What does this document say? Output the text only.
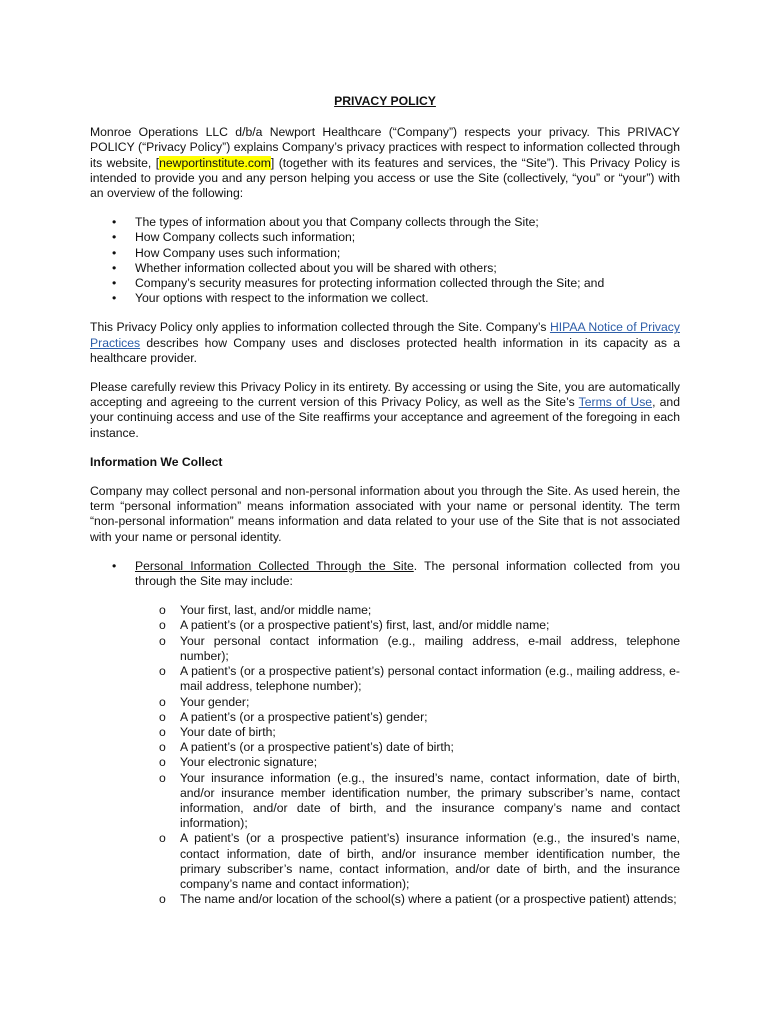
PRIVACY POLICY

Monroe Operations LLC d/b/a Newport Healthcare (“Company”) respects your privacy. This PRIVACY POLICY (“Privacy Policy”) explains Company’s privacy practices with respect to information collected through its website, [newportinstitute.com] (together with its features and services, the “Site”). This Privacy Policy is intended to provide you and any person helping you access or use the Site (collectively, “you” or “your”) with an overview of the following:

• The types of information about you that Company collects through the Site;
• How Company collects such information;
• How Company uses such information;
• Whether information collected about you will be shared with others;
• Company’s security measures for protecting information collected through the Site; and
• Your options with respect to the information we collect.

This Privacy Policy only applies to information collected through the Site. Company’s HIPAA Notice of Privacy Practices describes how Company uses and discloses protected health information in its capacity as a healthcare provider.

Please carefully review this Privacy Policy in its entirety. By accessing or using the Site, you are automatically accepting and agreeing to the current version of this Privacy Policy, as well as the Site’s Terms of Use, and your continuing access and use of the Site reaffirms your acceptance and agreement of the foregoing in each instance.

Information We Collect

Company may collect personal and non-personal information about you through the Site. As used herein, the term “personal information” means information associated with your name or personal identity. The term “non-personal information” means information and data related to your use of the Site that is not associated with your name or personal identity.

• Personal Information Collected Through the Site. The personal information collected from you through the Site may include:
o Your first, last, and/or middle name;
o A patient’s (or a prospective patient’s) first, last, and/or middle name;
o Your personal contact information (e.g., mailing address, e-mail address, telephone number);
o A patient’s (or a prospective patient’s) personal contact information (e.g., mailing address, e-mail address, telephone number);
o Your gender;
o A patient’s (or a prospective patient’s) gender;
o Your date of birth;
o A patient’s (or a prospective patient’s) date of birth;
o Your electronic signature;
o Your insurance information (e.g., the insured’s name, contact information, date of birth, and/or insurance member identification number, the primary subscriber’s name, contact information, and/or date of birth, and the insurance company’s name and contact information);
o A patient’s (or a prospective patient’s) insurance information (e.g., the insured’s name, contact information, date of birth, and/or insurance member identification number, the primary subscriber’s name, contact information, and/or date of birth, and the insurance company’s name and contact information);
o The name and/or location of the school(s) where a patient (or a prospective patient) attends;
